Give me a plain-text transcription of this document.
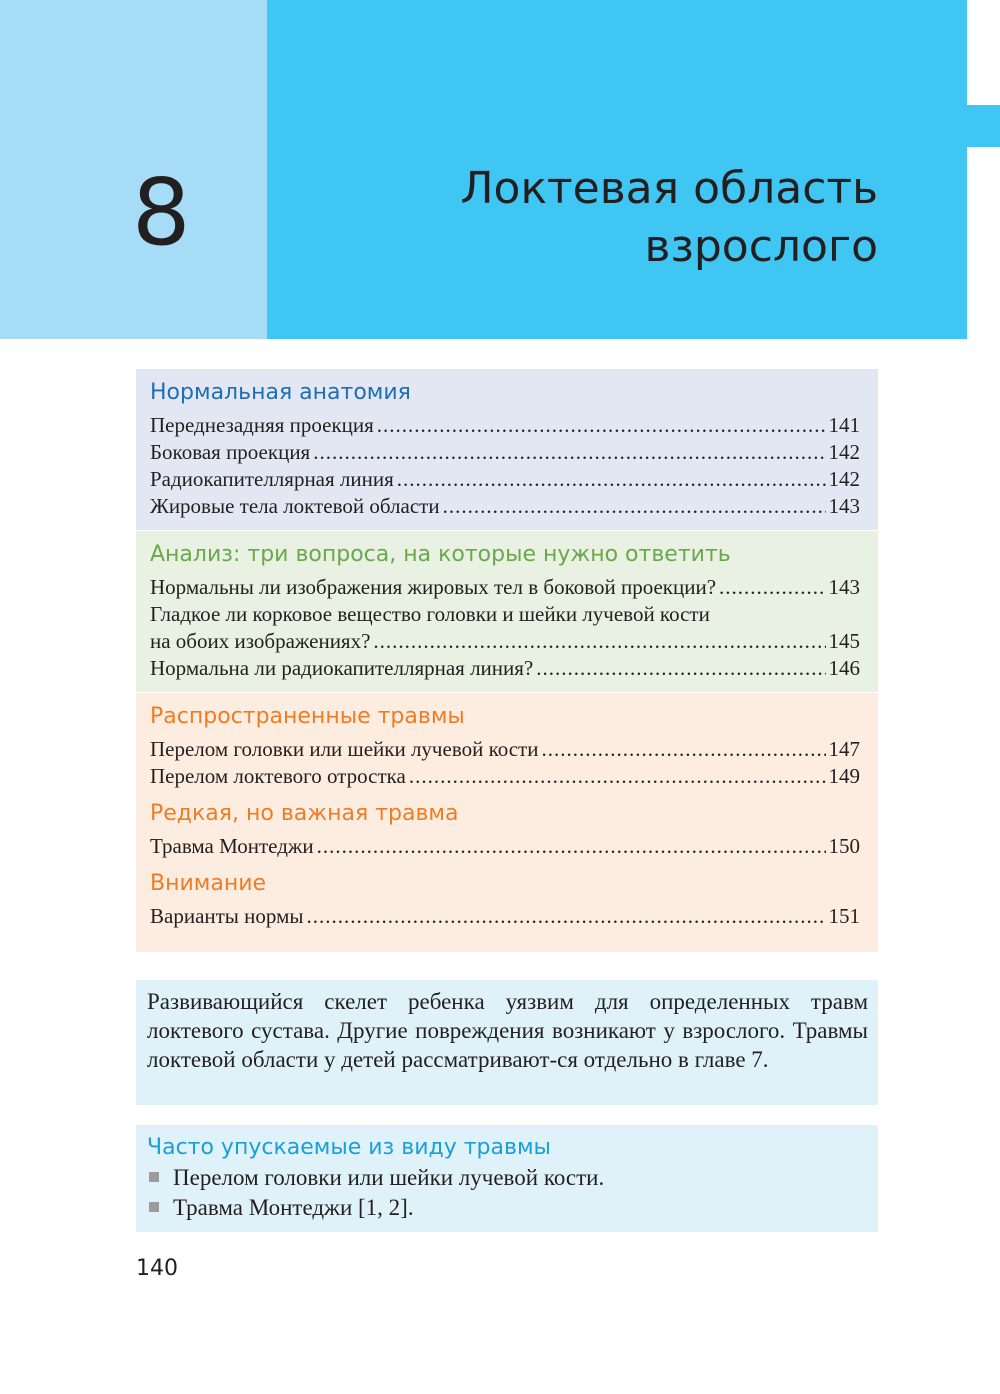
8	Локтевая область
взрослого
Нормальная анатомия
Переднезадняя проекция .....	141
Боковая проекция .....	142
Радиокапителлярная линия .....	142
Жировые тела локтевой области .....	143
Анализ: три вопроса, на которые нужно ответить
Нормальны ли изображения жировых тел в боковой проекции? .....	143
Гладкое ли корковое вещество головки и шейки лучевой кости
на обоих изображениях? .....	145
Нормальна ли радиокапителлярная линия? .....	146
Распространенные травмы
Перелом головки или шейки лучевой кости .....	147
Перелом локтевого отростка .....	149
Редкая, но важная травма
Травма Монтеджи .....	150
Внимание
Варианты нормы .....	151
Развивающийся скелет ребенка уязвим для определенных травм локтевого сустава. Другие повреждения возникают у взрослого. Травмы локтевой области у детей рассматривают-ся отдельно в главе 7.
Часто упускаемые из виду травмы
Перелом головки или шейки лучевой кости.
Травма Монтеджи [1, 2].
140
